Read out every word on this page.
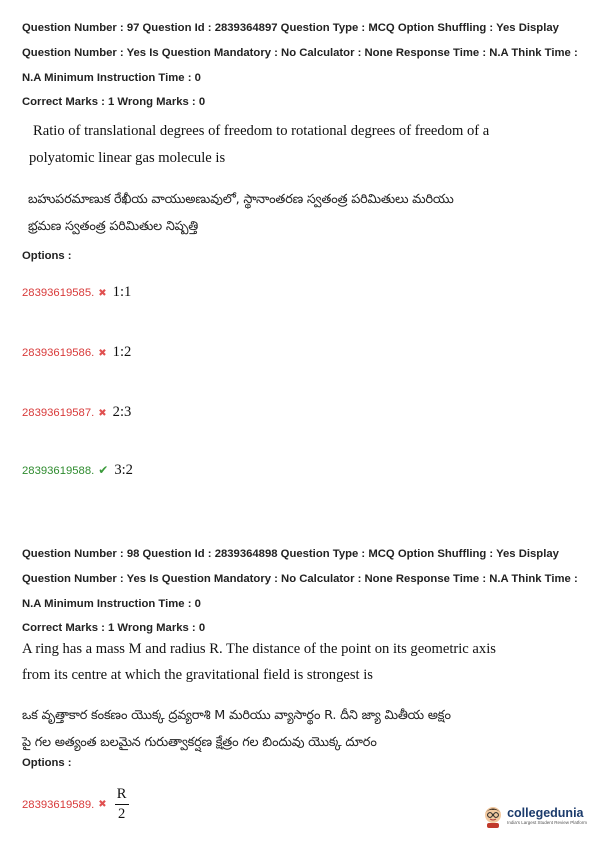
Question Number : 97 Question Id : 2839364897 Question Type : MCQ Option Shuffling : Yes Display Question Number : Yes Is Question Mandatory : No Calculator : None Response Time : N.A Think Time : N.A Minimum Instruction Time : 0
Correct Marks : 1 Wrong Marks : 0
Ratio of translational degrees of freedom to rotational degrees of freedom of a
polyatomic linear gas molecule is
బహుపరమాణుక రేఖీయ వాయుఅణువులో, స్థానాంతరణ స్వతంత్ర పరిమితులు మరియు
భ్రమణ స్వతంత్ర పరిమితుల నిష్పత్తి
Options :
28393619585. ✖ 1:1
28393619586. ✖ 1:2
28393619587. ✖ 2:3
28393619588. ✔ 3:2
Question Number : 98 Question Id : 2839364898 Question Type : MCQ Option Shuffling : Yes Display Question Number : Yes Is Question Mandatory : No Calculator : None Response Time : N.A Think Time : N.A Minimum Instruction Time : 0
Correct Marks : 1 Wrong Marks : 0
A ring has a mass M and radius R. The distance of the point on its geometric axis
from its centre at which the gravitational field is strongest is
ఒక వృత్తాకార కంకణం యొక్క ద్రవ్యరాశి M మరియు వ్యాసార్థం R. దీని జ్యా మితీయ అక్షం
పై గల అత్యంత బలమైన గురుత్వాకర్షణ క్షేత్రం గల బిందువు యొక్క దూరం
Options :
28393619589. ✖ $\frac{R}{2}$	collegedunia
India's Largest Student Review Platform
